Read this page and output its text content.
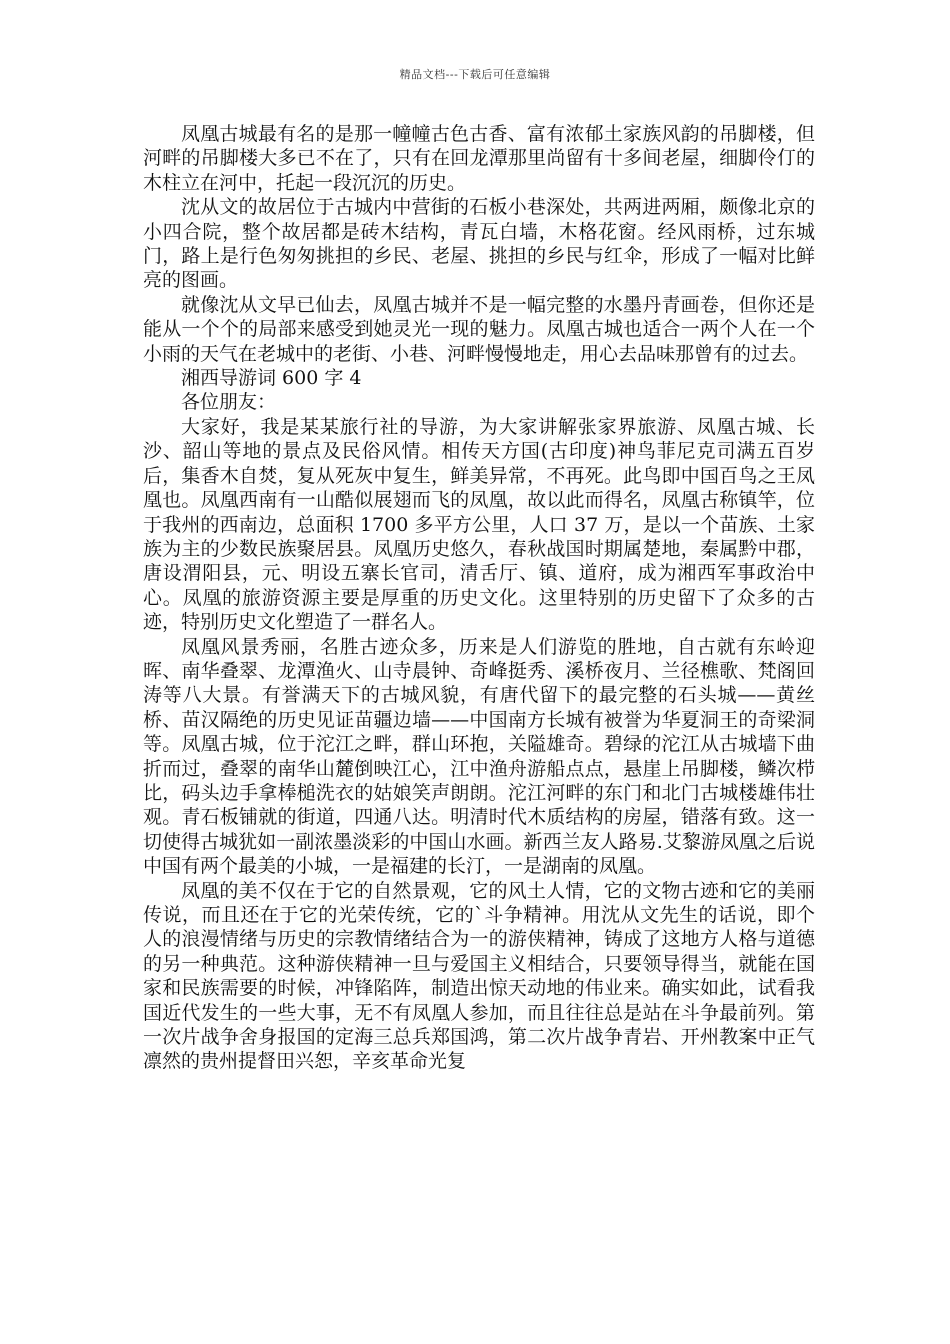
精品文档---下载后可任意编辑

凤凰古城最有名的是那一幢幢古色古香、富有浓郁土家族风韵的吊脚楼，但河畔的吊脚楼大多已不在了，只有在回龙潭那里尚留有十多间老屋，细脚伶仃的木柱立在河中，托起一段沉沉的历史。

沈从文的故居位于古城内中营街的石板小巷深处，共两进两厢，颇像北京的小四合院，整个故居都是砖木结构，青瓦白墙，木格花窗。经风雨桥，过东城门，路上是行色匆匆挑担的乡民、老屋、挑担的乡民与红伞，形成了一幅对比鲜亮的图画。

就像沈从文早已仙去，凤凰古城并不是一幅完整的水墨丹青画卷，但你还是能从一个个的局部来感受到她灵光一现的魅力。凤凰古城也适合一两个人在一个小雨的天气在老城中的老街、小巷、河畔慢慢地走，用心去品味那曾有的过去。

湘西导游词 600 字 4

各位朋友：

大家好，我是某某旅行社的导游，为大家讲解张家界旅游、凤凰古城、长沙、韶山等地的景点及民俗风情。相传天方国(古印度)神鸟菲尼克司满五百岁后，集香木自焚，复从死灰中复生，鲜美异常，不再死。此鸟即中国百鸟之王凤凰也。凤凰西南有一山酷似展翅而飞的凤凰，故以此而得名，凤凰古称镇竿，位于我州的西南边，总面积 1700 多平方公里，人口 37 万，是以一个苗族、土家族为主的少数民族聚居县。凤凰历史悠久，春秋战国时期属楚地，秦属黔中郡，唐设渭阳县，元、明设五寨长官司，清舌厅、镇、道府，成为湘西军事政治中心。凤凰的旅游资源主要是厚重的历史文化。这里特别的历史留下了众多的古迹，特别历史文化塑造了一群名人。

凤凰风景秀丽，名胜古迹众多，历来是人们游览的胜地，自古就有东岭迎晖、南华叠翠、龙潭渔火、山寺晨钟、奇峰挺秀、溪桥夜月、兰径樵歌、梵阁回涛等八大景。有誉满天下的古城风貌，有唐代留下的最完整的石头城——黄丝桥、苗汉隔绝的历史见证苗疆边墙——中国南方长城有被誉为华夏洞王的奇梁洞等。凤凰古城，位于沱江之畔，群山环抱，关隘雄奇。碧绿的沱江从古城墙下曲折而过，叠翠的南华山麓倒映江心，江中渔舟游船点点，悬崖上吊脚楼，鳞次栉比，码头边手拿棒槌洗衣的姑娘笑声朗朗。沱江河畔的东门和北门古城楼雄伟壮观。青石板铺就的街道，四通八达。明清时代木质结构的房屋，错落有致。这一切使得古城犹如一副浓墨淡彩的中国山水画。新西兰友人路易.艾黎游凤凰之后说中国有两个最美的小城，一是福建的长汀，一是湖南的凤凰。

凤凰的美不仅在于它的自然景观，它的风土人情，它的文物古迹和它的美丽传说，而且还在于它的光荣传统，它的`斗争精神。用沈从文先生的话说，即个人的浪漫情绪与历史的宗教情绪结合为一的游侠精神，铸成了这地方人格与道德的另一种典范。这种游侠精神一旦与爱国主义相结合，只要领导得当，就能在国家和民族需要的时候，冲锋陷阵，制造出惊天动地的伟业来。确实如此，试看我国近代发生的一些大事，无不有凤凰人参加，而且往往总是站在斗争最前列。第一次片战争舍身报国的定海三总兵郑国鸿，第二次片战争青岩、开州教案中正气凛然的贵州提督田兴恕，辛亥革命光复
